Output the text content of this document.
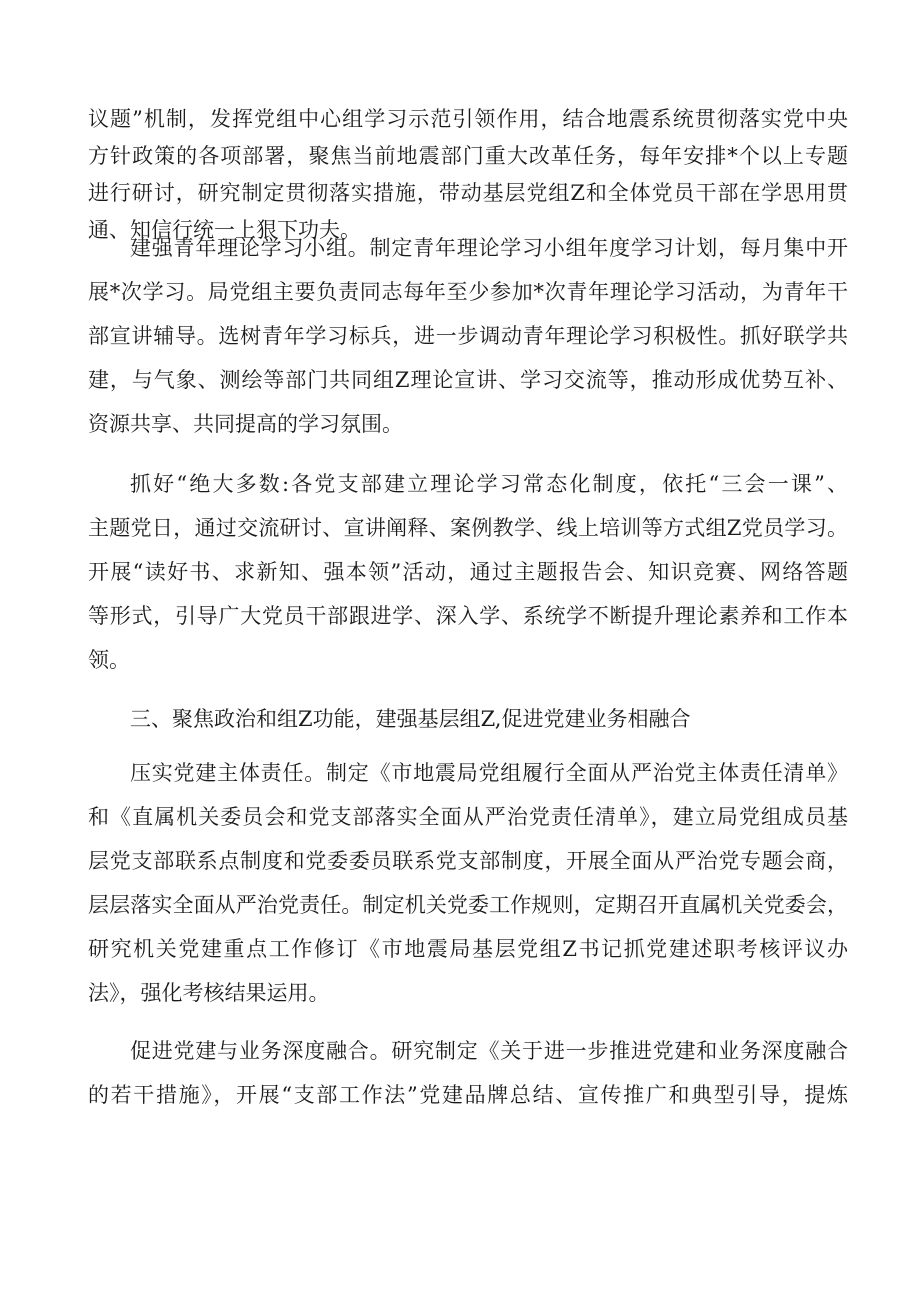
议题”机制，发挥党组中心组学习示范引领作用，结合地震系统贯彻落实党中央
方针政策的各项部署，聚焦当前地震部门重大改革任务，每年安排*个以上专题
进行研讨，研究制定贯彻落实措施，带动基层党组Z和全体党员干部在学思用贯
通、知信行统一上狠下功夫。
建强青年理论学习小组。制定青年理论学习小组年度学习计划，每月集中开
展*次学习。局党组主要负责同志每年至少参加*次青年理论学习活动，为青年干
部宣讲辅导。选树青年学习标兵，进一步调动青年理论学习积极性。抓好联学共
建，与气象、测绘等部门共同组Z理论宣讲、学习交流等，推动形成优势互补、
资源共享、共同提高的学习氛围。
抓好“绝大多数:各党支部建立理论学习常态化制度，依托“三会一课”、
主题党日，通过交流研讨、宣讲阐释、案例教学、线上培训等方式组Z党员学习。
开展“读好书、求新知、强本领”活动，通过主题报告会、知识竞赛、网络答题
等形式，引导广大党员干部跟进学、深入学、系统学不断提升理论素养和工作本
领。
三、聚焦政治和组Z功能，建强基层组Z,促进党建业务相融合
压实党建主体责任。制定《市地震局党组履行全面从严治党主体责任清单》
和《直属机关委员会和党支部落实全面从严治党责任清单》，建立局党组成员基
层党支部联系点制度和党委委员联系党支部制度，开展全面从严治党专题会商，
层层落实全面从严治党责任。制定机关党委工作规则，定期召开直属机关党委会，
研究机关党建重点工作修订《市地震局基层党组Z书记抓党建述职考核评议办
法》，强化考核结果运用。
促进党建与业务深度融合。研究制定《关于进一步推进党建和业务深度融合
的若干措施》，开展“支部工作法”党建品牌总结、宣传推广和典型引导，提炼
